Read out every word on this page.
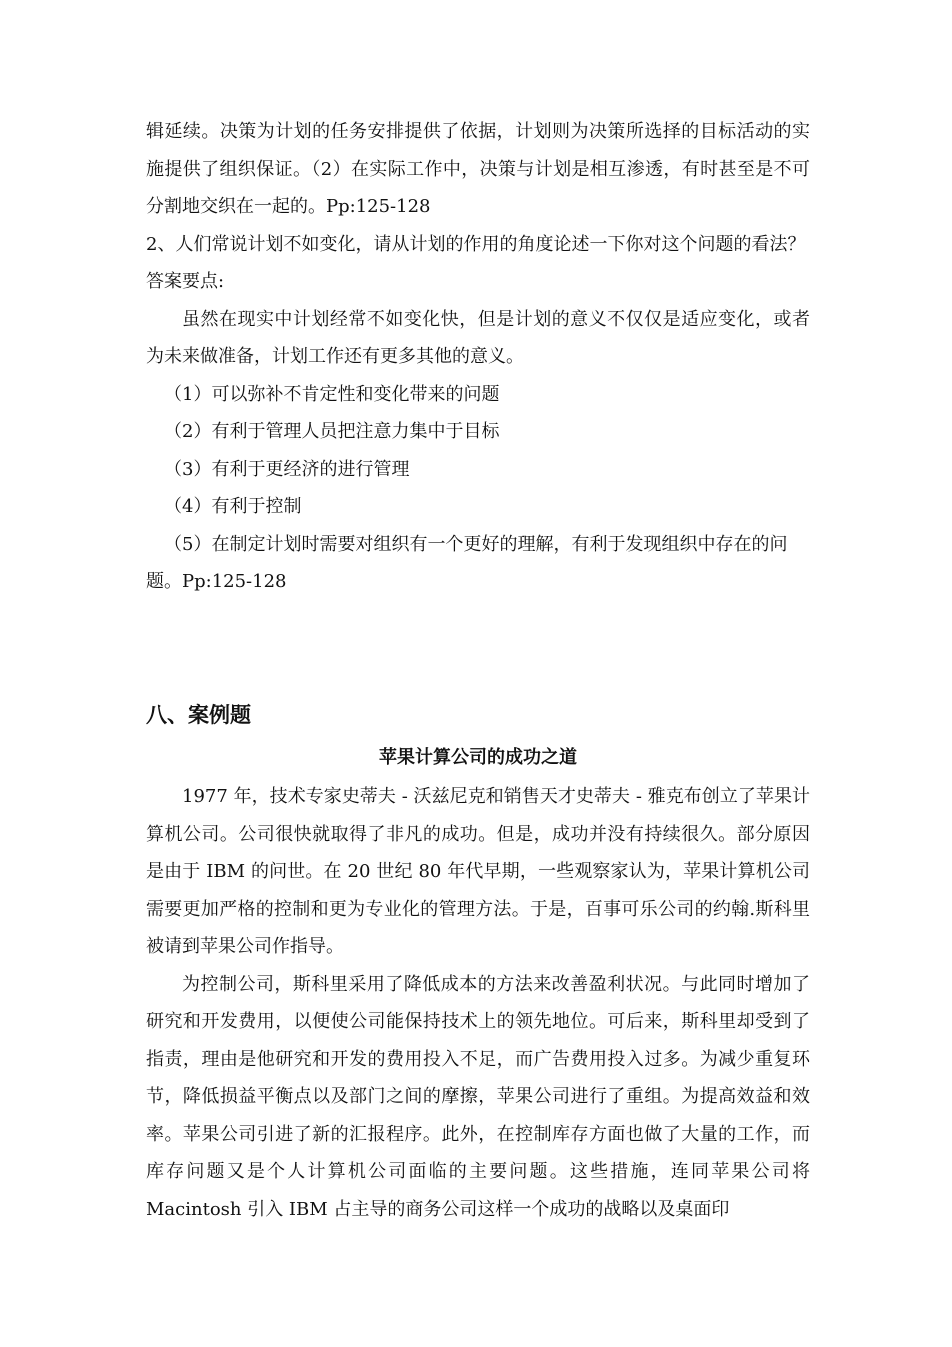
辑延续。决策为计划的任务安排提供了依据，计划则为决策所选择的目标活动的实施提供了组织保证。（2）在实际工作中，决策与计划是相互渗透，有时甚至是不可分割地交织在一起的。Pp:125-128

2、人们常说计划不如变化，请从计划的作用的角度论述一下你对这个问题的看法？

答案要点:

虽然在现实中计划经常不如变化快，但是计划的意义不仅仅是适应变化，或者为未来做准备，计划工作还有更多其他的意义。

（1）可以弥补不肯定性和变化带来的问题

（2）有利于管理人员把注意力集中于目标

（3）有利于更经济的进行管理

（4）有利于控制

（5）在制定计划时需要对组织有一个更好的理解，有利于发现组织中存在的问题。Pp:125-128

八、案例题

苹果计算公司的成功之道

1977 年，技术专家史蒂夫 - 沃兹尼克和销售天才史蒂夫 - 雅克布创立了苹果计算机公司。公司很快就取得了非凡的成功。但是，成功并没有持续很久。部分原因是由于 IBM 的问世。在 20 世纪 80 年代早期，一些观察家认为，苹果计算机公司需要更加严格的控制和更为专业化的管理方法。于是，百事可乐公司的约翰.斯科里被请到苹果公司作指导。

为控制公司，斯科里采用了降低成本的方法来改善盈利状况。与此同时增加了研究和开发费用，以便使公司能保持技术上的领先地位。可后来，斯科里却受到了指责，理由是他研究和开发的费用投入不足，而广告费用投入过多。为减少重复环节，降低损益平衡点以及部门之间的摩擦，苹果公司进行了重组。为提高效益和效率。苹果公司引进了新的汇报程序。此外，在控制库存方面也做了大量的工作，而库存问题又是个人计算机公司面临的主要问题。这些措施，连同苹果公司将 Macintosh 引入 IBM 占主导的商务公司这样一个成功的战略以及桌面印
